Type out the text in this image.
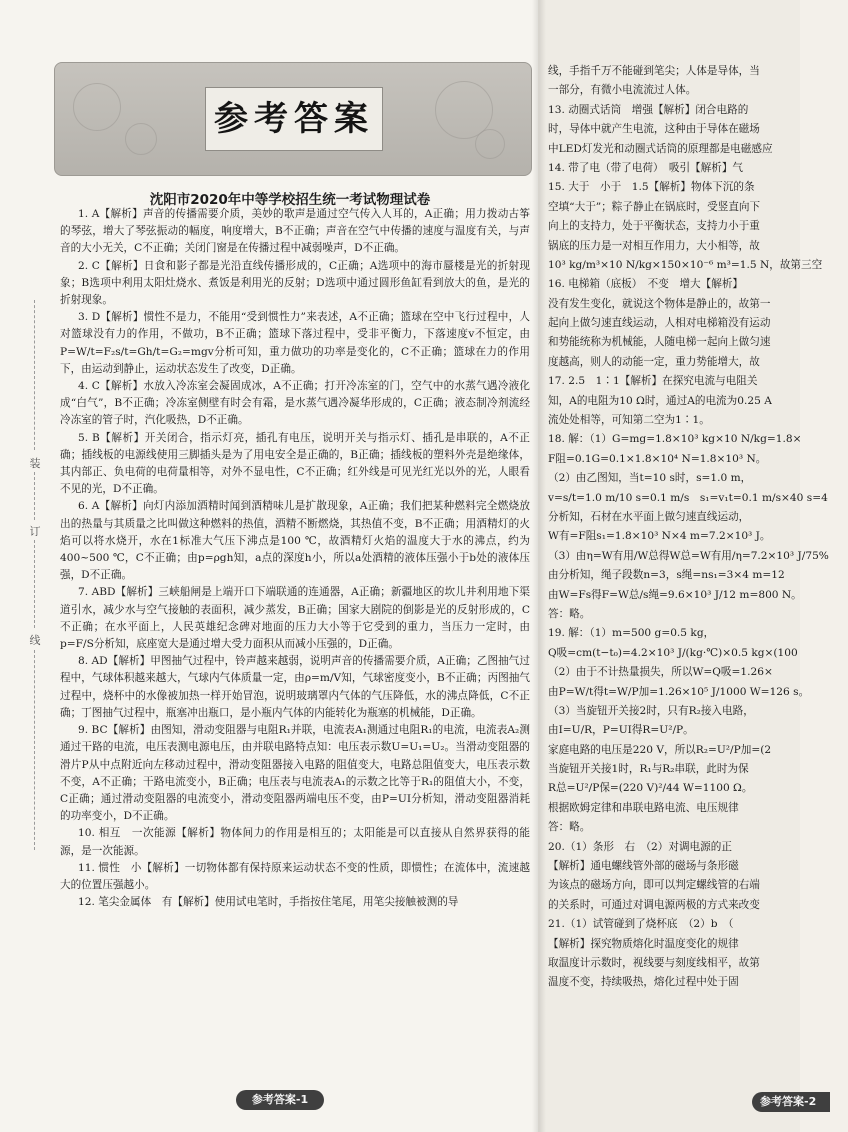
参考答案
沈阳市2020年中等学校招生统一考试物理试卷

1. A【解析】声音的传播需要介质，美妙的歌声是通过空气传入人耳的，A正确；用力拨动古筝的琴弦，增大了琴弦振动的幅度，响度增大，B不正确；声音在空气中传播的速度与温度有关，与声音的大小无关，C不正确；关闭门窗是在传播过程中减弱噪声，D不正确。

2. C【解析】日食和影子都是光沿直线传播形成的，C正确；A选项中的海市蜃楼是光的折射现象；B选项中利用太阳灶烧水、煮饭是利用光的反射；D选项中通过圆形鱼缸看到放大的鱼，是光的折射现象。

3. D【解析】惯性不是力，不能用“受到惯性力”来表述，A不正确；篮球在空中飞行过程中，人对篮球没有力的作用，不做功，B不正确；篮球下落过程中，受非平衡力，下落速度v不恒定，由P=W/t=F₂s/t=Gh/t=G₂=mgv分析可知，重力做功的功率是变化的，C不正确；篮球在力的作用下，由运动到静止，运动状态发生了改变，D正确。

4. C【解析】水放入冷冻室会凝固成冰，A不正确；打开冷冻室的门，空气中的水蒸气遇冷液化成“白气”，B不正确；冷冻室侧壁有时会有霜，是水蒸气遇冷凝华形成的，C正确；液态制冷剂流经冷冻室的管子时，汽化吸热，D不正确。

5. B【解析】开关闭合，指示灯亮，插孔有电压，说明开关与指示灯、插孔是串联的，A不正确；插线板的电源线使用三脚插头是为了用电安全是正确的，B正确；插线板的塑料外壳是绝缘体，其内部正、负电荷的电荷量相等，对外不显电性，C不正确；红外线是可见光红光以外的光，人眼看不见的光，D不正确。

6. A【解析】向灯内添加酒精时闻到酒精味儿是扩散现象，A正确；我们把某种燃料完全燃烧放出的热量与其质量之比叫做这种燃料的热值，酒精不断燃烧，其热值不变，B不正确；用酒精灯的火焰可以将水烧开，水在1标准大气压下沸点是100 ℃，故酒精灯火焰的温度大于水的沸点，约为400~500 ℃，C不正确；由p=ρgh知，a点的深度h小，所以a处酒精的液体压强小于b处的液体压强，D不正确。

7. ABD【解析】三峡船闸是上端开口下端联通的连通器，A正确；新疆地区的坎儿井利用地下渠道引水，减少水与空气接触的表面积，减少蒸发，B正确；国家大剧院的倒影是光的反射形成的，C不正确；在水平面上，人民英雄纪念碑对地面的压力大小等于它受到的重力，当压力一定时，由p=F/S分析知，底座宽大是通过增大受力面积从而减小压强的，D正确。

8. AD【解析】甲图抽气过程中，铃声越来越弱，说明声音的传播需要介质，A正确；乙图抽气过程中，气球体积越来越大，气球内气体质量一定，由ρ=m/V知，气球密度变小，B不正确；丙图抽气过程中，烧杯中的水像被加热一样开始冒泡，说明玻璃罩内气体的气压降低，水的沸点降低，C不正确；丁图抽气过程中，瓶塞冲出瓶口，是小瓶内气体的内能转化为瓶塞的机械能，D正确。

9. BC【解析】由图知，滑动变阻器与电阻R₁并联，电流表A₁测通过电阻R₁的电流，电流表A₂测通过干路的电流，电压表测电源电压，由并联电路特点知：电压表示数U=U₁=U₂。当滑动变阻器的滑片P从中点附近向左移动过程中，滑动变阻器接入电路的阻值变大，电路总阻值变大，电压表示数不变，A不正确；干路电流变小，B正确；电压表与电流表A₁的示数之比等于R₁的阻值大小，不变，C正确；通过滑动变阻器的电流变小，滑动变阻器两端电压不变，由P=UI分析知，滑动变阻器消耗的功率变小，D不正确。

10. 相互　一次能源【解析】物体间力的作用是相互的；太阳能是可以直接从自然界获得的能源，是一次能源。

11. 惯性　小【解析】一切物体都有保持原来运动状态不变的性质，即惯性；在流体中，流速越大的位置压强越小。

12. 笔尖金属体　有【解析】使用试电笔时，手指按住笔尾，用笔尖接触被测的导

装
订
线
参考答案-1
线，手指千万不能碰到笔尖；人体是导体，当
一部分，有微小电流流过人体。
13. 动圈式话筒　增强【解析】闭合电路的
时，导体中就产生电流，这种由于导体在磁场
中LED灯发光和动圈式话筒的原理都是电磁感应
14. 带了电（带了电荷）　吸引【解析】气
15. 大于　小于　1.5【解析】物体下沉的条
空填“大于”；粽子静止在锅底时，受竖直向下
向上的支持力，处于平衡状态，支持力小于重
锅底的压力是一对相互作用力，大小相等，故
10³ kg/m³×10 N/kg×150×10⁻⁶ m³=1.5 N，故第三空
16. 电梯箱（底板）　不变　增大【解析】
没有发生变化，就说这个物体是静止的，故第一
起向上做匀速直线运动，人相对电梯箱没有运动
和势能统称为机械能，人随电梯一起向上做匀速
度越高，则人的动能一定，重力势能增大，故
17. 2.5　1∶1【解析】在探究电流与电阻关
知，A的电阻为10 Ω时，通过A的电流为0.25 A
流处处相等，可知第二空为1∶1。
18. 解：（1）G=mg=1.8×10³ kg×10 N/kg=1.8×
F阻=0.1G=0.1×1.8×10⁴ N=1.8×10³ N。
（2）由乙图知，当t=10 s时，s=1.0 m，
v=s/t=1.0 m/10 s=0.1 m/s　s₁=v₁t=0.1 m/s×40 s=4
分析知，石材在水平面上做匀速直线运动，
W有=F阻s₁=1.8×10³ N×4 m=7.2×10³ J。
（3）由η=W有用/W总得W总=W有用/η=7.2×10³ J/75%
由分析知，绳子段数n=3，s绳=ns₁=3×4 m=12
由W=Fs得F=W总/s绳=9.6×10³ J/12 m=800 N。
答：略。
19. 解：（1）m=500 g=0.5 kg，
Q吸=cm(t−t₀)=4.2×10³ J/(kg·℃)×0.5 kg×(100
（2）由于不计热量损失，所以W=Q吸=1.26×
由P=W/t得t=W/P加=1.26×10⁵ J/1000 W=126 s。
（3）当旋钮开关接2时，只有R₂接入电路，
由I=U/R，P=UI得R=U²/P。
家庭电路的电压是220 V，所以R₂=U²/P加=(2
当旋钮开关接1时，R₁与R₂串联，此时为保
R总=U²/P保=(220 V)²/44 W=1100 Ω。
根据欧姆定律和串联电路电流、电压规律
答：略。
20.（1）条形　右　（2）对调电源的正
【解析】通电螺线管外部的磁场与条形磁
为该点的磁场方向，即可以判定螺线管的右端
的关系时，可通过对调电源两极的方式来改变
21.（1）试管碰到了烧杯底　（2）b　（
【解析】探究物质熔化时温度变化的规律
取温度计示数时，视线要与刻度线相平，故第
温度不变，持续吸热，熔化过程中处于固
参考答案-2
